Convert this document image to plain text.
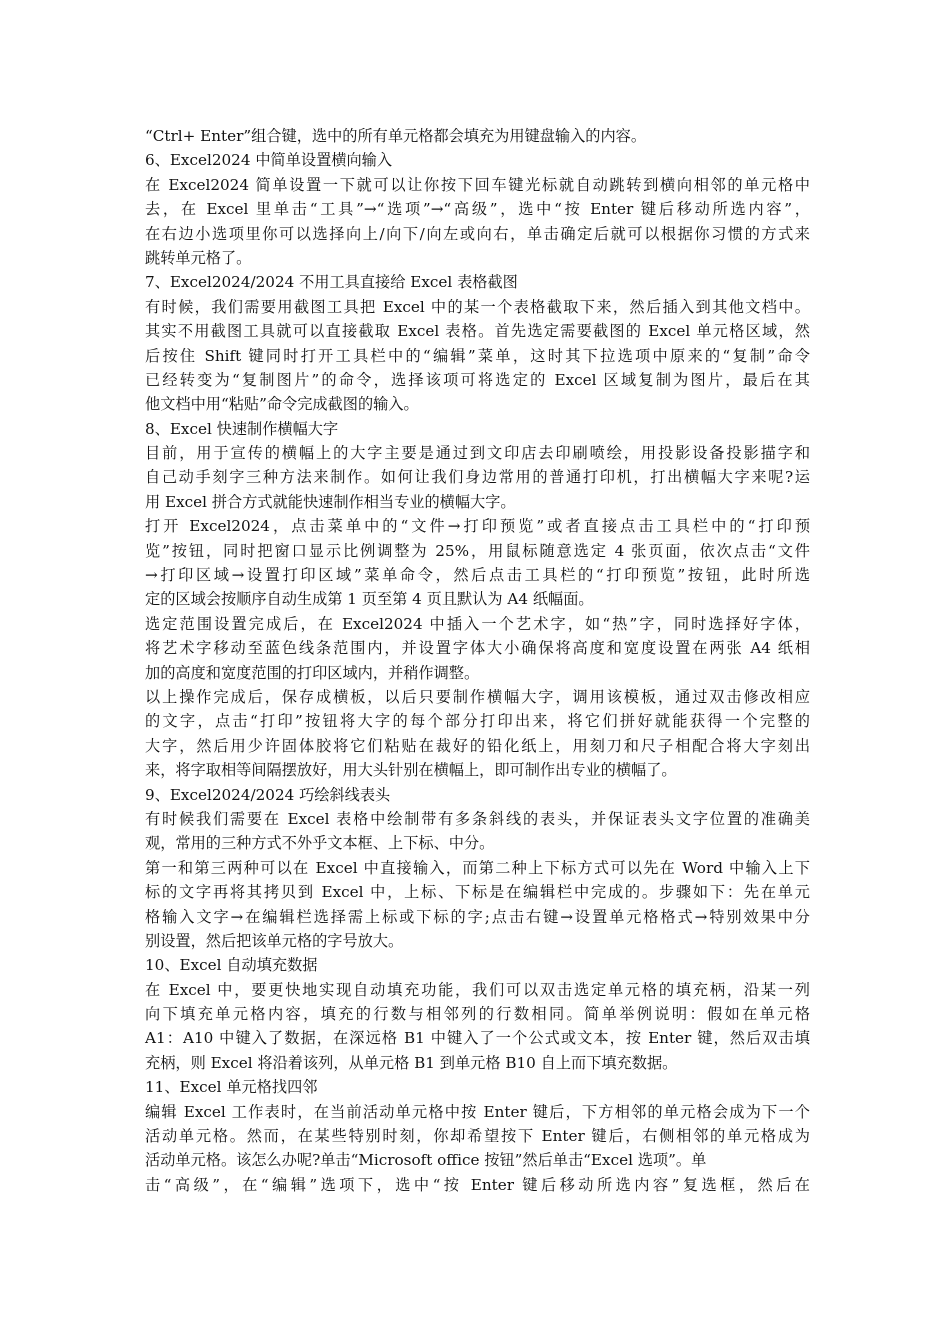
“Ctrl+ Enter”组合键，选中的所有单元格都会填充为用键盘输入的内容。
6、Excel2024 中简单设置横向输入
在 Excel2024 简单设置一下就可以让你按下回车键光标就自动跳转到横向相邻的单元格中
去，在 Excel 里单击“工具”→“选项”→“高级”，选中“按 Enter 键后移动所选内容”，
在右边小选项里你可以选择向上/向下/向左或向右，单击确定后就可以根据你习惯的方式来
跳转单元格了。
7、Excel2024/2024 不用工具直接给 Excel 表格截图
有时候，我们需要用截图工具把 Excel 中的某一个表格截取下来，然后插入到其他文档中。
其实不用截图工具就可以直接截取 Excel 表格。首先选定需要截图的 Excel 单元格区域，然
后按住 Shift 键同时打开工具栏中的“编辑”菜单，这时其下拉选项中原来的“复制”命令
已经转变为“复制图片”的命令，选择该项可将选定的 Excel 区域复制为图片，最后在其
他文档中用“粘贴”命令完成截图的输入。
8、Excel 快速制作横幅大字
目前，用于宣传的横幅上的大字主要是通过到文印店去印刷喷绘，用投影设备投影描字和
自己动手刻字三种方法来制作。如何让我们身边常用的普通打印机，打出横幅大字来呢?运
用 Excel 拼合方式就能快速制作相当专业的横幅大字。
打开 Excel2024，点击菜单中的“文件→打印预览”或者直接点击工具栏中的“打印预
览”按钮，同时把窗口显示比例调整为 25%，用鼠标随意选定 4 张页面，依次点击“文件
→打印区域→设置打印区域”菜单命令，然后点击工具栏的“打印预览”按钮，此时所选
定的区域会按顺序自动生成第 1 页至第 4 页且默认为 A4 纸幅面。
选定范围设置完成后，在 Excel2024 中插入一个艺术字，如“热”字，同时选择好字体，
将艺术字移动至蓝色线条范围内，并设置字体大小确保将高度和宽度设置在两张 A4 纸相
加的高度和宽度范围的打印区域内，并稍作调整。
以上操作完成后，保存成横板，以后只要制作横幅大字，调用该模板，通过双击修改相应
的文字，点击“打印”按钮将大字的每个部分打印出来，将它们拼好就能获得一个完整的
大字，然后用少许固体胶将它们粘贴在裁好的铅化纸上，用刻刀和尺子相配合将大字刻出
来，将字取相等间隔摆放好，用大头针别在横幅上，即可制作出专业的横幅了。
9、Excel2024/2024 巧绘斜线表头
有时候我们需要在 Excel 表格中绘制带有多条斜线的表头，并保证表头文字位置的准确美
观，常用的三种方式不外乎文本框、上下标、中分。
第一和第三两种可以在 Excel 中直接输入，而第二种上下标方式可以先在 Word 中输入上下
标的文字再将其拷贝到 Excel 中，上标、下标是在编辑栏中完成的。步骤如下：先在单元
格输入文字→在编辑栏选择需上标或下标的字;点击右键→设置单元格格式→特别效果中分
别设置，然后把该单元格的字号放大。
10、Excel 自动填充数据
在 Excel 中，要更快地实现自动填充功能，我们可以双击选定单元格的填充柄，沿某一列
向下填充单元格内容，填充的行数与相邻列的行数相同。简单举例说明：假如在单元格
A1：A10 中键入了数据，在深远格 B1 中键入了一个公式或文本，按 Enter 键，然后双击填
充柄，则 Excel 将沿着该列，从单元格 B1 到单元格 B10 自上而下填充数据。
11、Excel 单元格找四邻
编辑 Excel 工作表时，在当前活动单元格中按 Enter 键后，下方相邻的单元格会成为下一个
活动单元格。然而，在某些特别时刻，你却希望按下 Enter 键后，右侧相邻的单元格成为
活动单元格。该怎么办呢?单击“Microsoft office 按钮”然后单击“Excel 选项”。单
击“高级”，在“编辑”选项下，选中“按 Enter 键后移动所选内容”复选框，然后在
